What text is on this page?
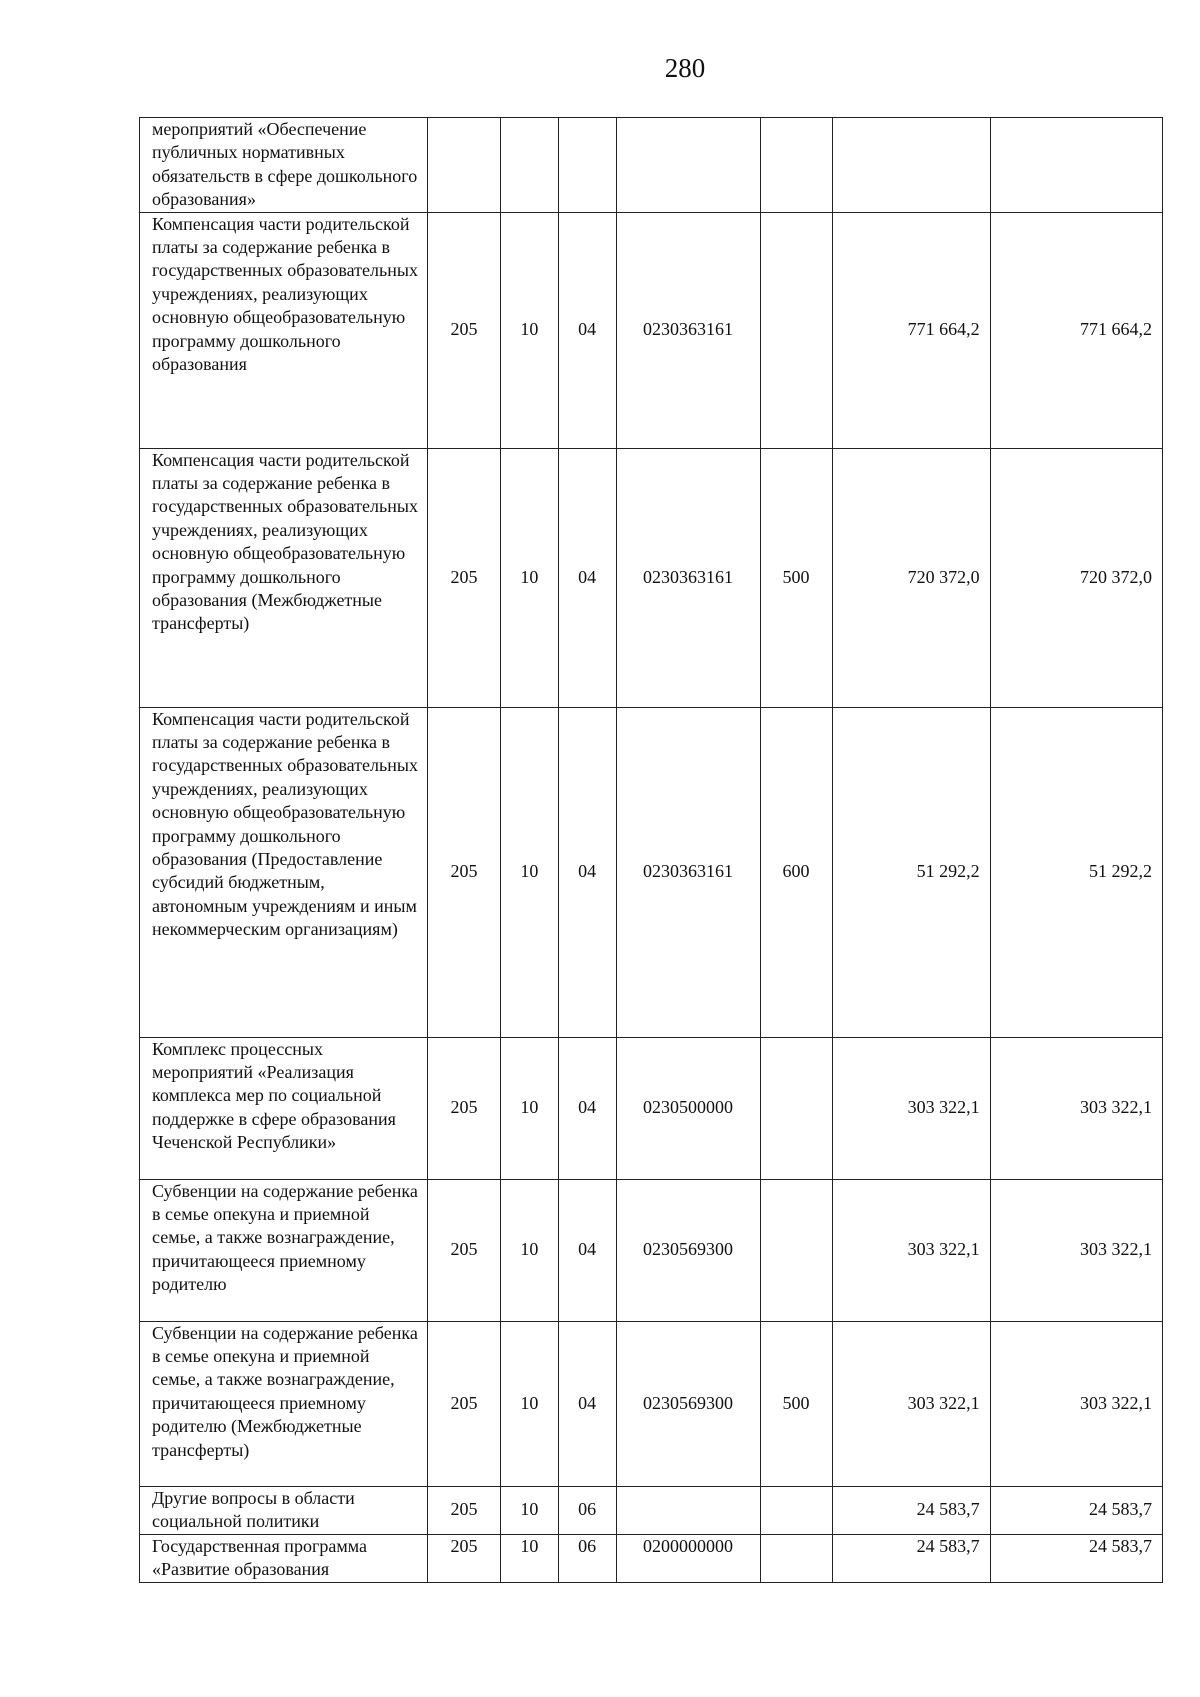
280
мероприятий «Обеспечение публичных нормативных обязательств в сфере дошкольного образования»							
Компенсация части родительской платы за содержание ребенка в государственных образовательных учреждениях, реализующих основную общеобразовательную программу дошкольного образования	205	10	04	0230363161		771 664,2	771 664,2
Компенсация части родительской платы за содержание ребенка в государственных образовательных учреждениях, реализующих основную общеобразовательную программу дошкольного образования (Межбюджетные трансферты)	205	10	04	0230363161	500	720 372,0	720 372,0
Компенсация части родительской платы за содержание ребенка в государственных образовательных учреждениях, реализующих основную общеобразовательную программу дошкольного образования (Предоставление субсидий бюджетным, автономным учреждениям и иным некоммерческим организациям)	205	10	04	0230363161	600	51 292,2	51 292,2
Комплекс процессных мероприятий «Реализация комплекса мер по социальной поддержке в сфере образования Чеченской Республики»	205	10	04	0230500000		303 322,1	303 322,1
Субвенции на содержание ребенка в семье опекуна и приемной семье, а также вознаграждение, причитающееся приемному родителю	205	10	04	0230569300		303 322,1	303 322,1
Субвенции на содержание ребенка в семье опекуна и приемной семье, а также вознаграждение, причитающееся приемному родителю (Межбюджетные трансферты)	205	10	04	0230569300	500	303 322,1	303 322,1
Другие вопросы в области социальной политики	205	10	06			24 583,7	24 583,7
Государственная программа «Развитие образования	205	10	06	0200000000		24 583,7	24 583,7
